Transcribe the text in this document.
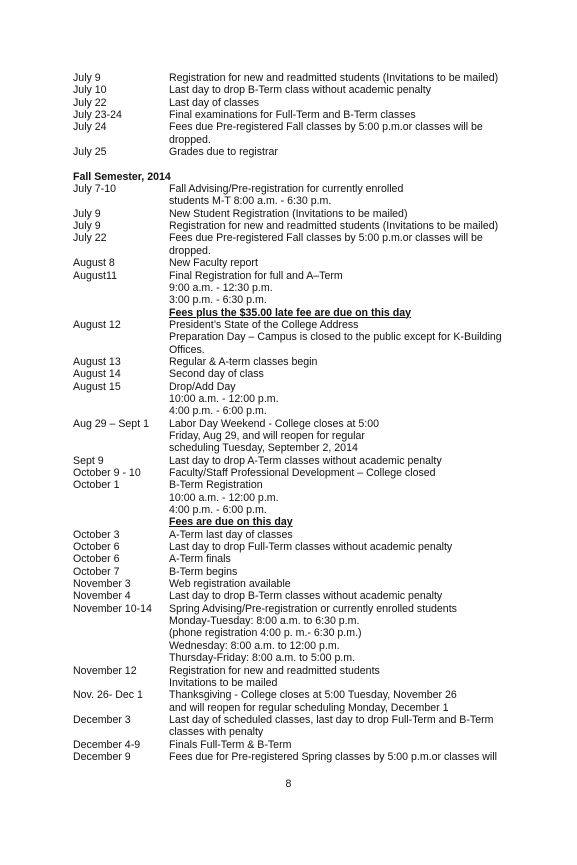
July 9	Registration for new and readmitted students (Invitations to be mailed)
July 10	Last day to drop B-Term class without academic penalty
July 22	Last day of classes
July 23-24	Final examinations for Full-Term and B-Term classes
July 24	Fees due Pre-registered Fall classes by 5:00 p.m.or classes will be
dropped.
July 25	Grades due to registrar
Fall Semester, 2014
July 7-10	Fall Advising/Pre-registration for currently enrolled
students M-T 8:00 a.m. - 6:30 p.m.
July 9	New Student Registration (Invitations to be mailed)
July 9	Registration for new and readmitted students (Invitations to be mailed)
July 22	Fees due Pre-registered Fall classes by 5:00 p.m.or classes will be
dropped.
August 8	New Faculty report
August11	Final Registration for full and A–Term
9:00 a.m. - 12:30 p.m.
3:00 p.m. - 6:30 p.m.
Fees plus the $35.00 late fee are due on this day
August 12	President’s State of the College Address
Preparation Day – Campus is closed to the public except for K-Building
Offices.
August 13	Regular & A-term classes begin
August 14	Second day of class
August 15	Drop/Add Day
10:00 a.m. - 12:00 p.m.
4:00 p.m. - 6:00 p.m.
Aug 29 – Sept 1	Labor Day Weekend - College closes at 5:00
Friday, Aug 29, and will reopen for regular
scheduling Tuesday, September 2, 2014
Sept 9	Last day to drop A-Term classes without academic penalty
October 9 - 10	Faculty/Staff Professional Development – College closed
October 1	B-Term Registration
10:00 a.m. - 12:00 p.m.
4:00 p.m. - 6:00 p.m.
Fees are due on this day
October 3	A-Term last day of classes
October 6	Last day to drop Full-Term classes without academic penalty
October 6	A-Term finals
October 7	B-Term begins
November 3	Web registration available
November 4	Last day to drop B-Term classes without academic penalty
November 10-14	Spring Advising/Pre-registration or currently enrolled students
Monday-Tuesday: 8:00 a.m. to 6:30 p.m.
(phone registration 4:00 p. m.- 6:30 p.m.)
Wednesday: 8:00 a.m. to 12:00 p.m.
Thursday-Friday: 8:00 a.m. to 5:00 p.m.
November 12	Registration for new and readmitted students
Invitations to be mailed
Nov. 26- Dec 1	Thanksgiving - College closes at 5:00 Tuesday, November 26
and will reopen for regular scheduling Monday, December 1
December 3	Last day of scheduled classes, last day to drop Full-Term and B-Term
classes with penalty
December 4-9	Finals Full-Term & B-Term
December 9	Fees due for Pre-registered Spring classes by 5:00 p.m.or classes will
8
